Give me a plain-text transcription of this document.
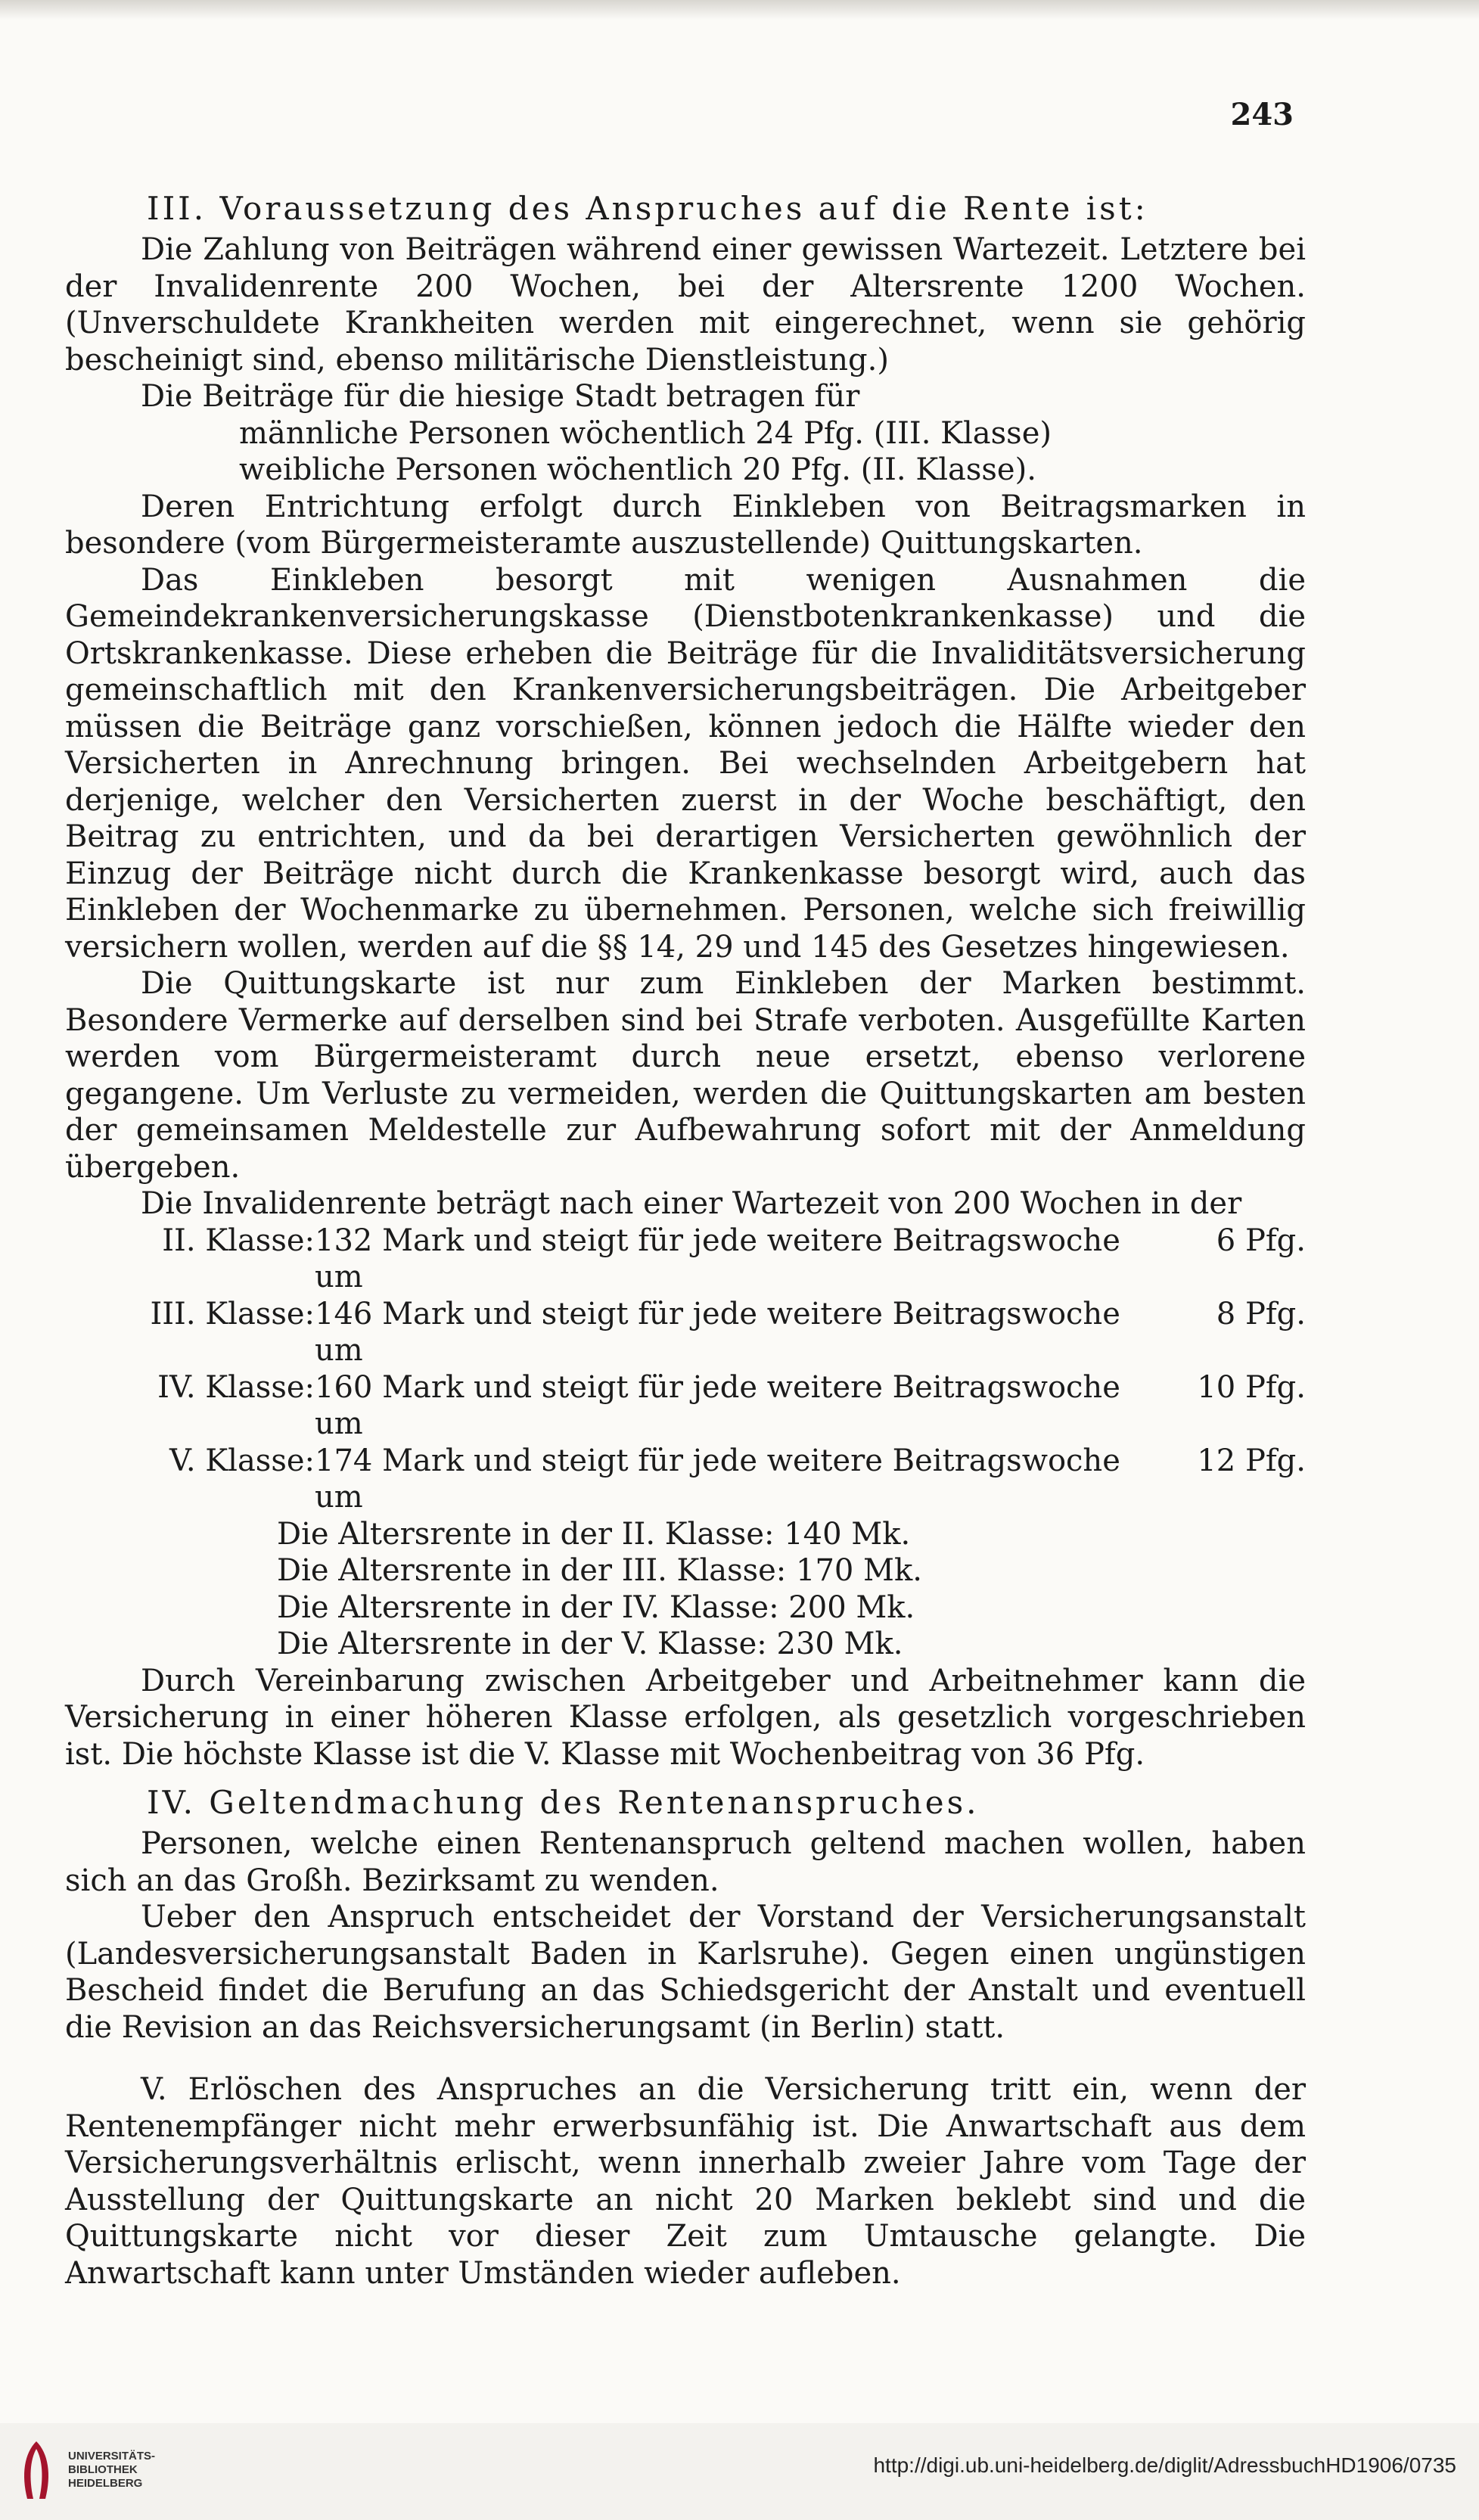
243

III. Voraussetzung des Anspruches auf die Rente ist:

Die Zahlung von Beiträgen während einer gewissen Wartezeit. Letztere bei der Invalidenrente 200 Wochen, bei der Altersrente 1200 Wochen. (Unverschuldete Krankheiten werden mit eingerechnet, wenn sie gehörig bescheinigt sind, ebenso militärische Dienstleistung.)

Die Beiträge für die hiesige Stadt betragen für

männliche Personen wöchentlich 24 Pfg. (III. Klasse)

weibliche Personen wöchentlich 20 Pfg. (II. Klasse).

Deren Entrichtung erfolgt durch Einkleben von Beitragsmarken in besondere (vom Bürgermeisteramte auszustellende) Quittungskarten.

Das Einkleben besorgt mit wenigen Ausnahmen die Gemeindekrankenversicherungskasse (Dienstbotenkrankenkasse) und die Ortskrankenkasse. Diese erheben die Beiträge für die Invaliditätsversicherung gemeinschaftlich mit den Krankenversicherungsbeiträgen. Die Arbeitgeber müssen die Beiträge ganz vorschießen, können jedoch die Hälfte wieder den Versicherten in Anrechnung bringen. Bei wechselnden Arbeitgebern hat derjenige, welcher den Versicherten zuerst in der Woche beschäftigt, den Beitrag zu entrichten, und da bei derartigen Versicherten gewöhnlich der Einzug der Beiträge nicht durch die Krankenkasse besorgt wird, auch das Einkleben der Wochenmarke zu übernehmen. Personen, welche sich freiwillig versichern wollen, werden auf die §§ 14, 29 und 145 des Gesetzes hingewiesen.

Die Quittungskarte ist nur zum Einkleben der Marken bestimmt. Besondere Vermerke auf derselben sind bei Strafe verboten. Ausgefüllte Karten werden vom Bürgermeisteramt durch neue ersetzt, ebenso verlorene gegangene. Um Verluste zu vermeiden, werden die Quittungskarten am besten der gemeinsamen Meldestelle zur Aufbewahrung sofort mit der Anmeldung übergeben.

Die Invalidenrente beträgt nach einer Wartezeit von 200 Wochen in der

II. Klasse: 132 Mark und steigt für jede weitere Beitragswoche um
6 Pfg.
III. Klasse: 146 Mark und steigt für jede weitere Beitragswoche um
8 Pfg.
IV. Klasse: 160 Mark und steigt für jede weitere Beitragswoche um
10 Pfg.
V. Klasse: 174 Mark und steigt für jede weitere Beitragswoche um
12 Pfg.
Die Altersrente in der II. Klasse: 140 Mk.
Die Altersrente in der III. Klasse: 170 Mk.
Die Altersrente in der IV. Klasse: 200 Mk.
Die Altersrente in der V. Klasse: 230 Mk.

Durch Vereinbarung zwischen Arbeitgeber und Arbeitnehmer kann die Versicherung in einer höheren Klasse erfolgen, als gesetzlich vorgeschrieben ist. Die höchste Klasse ist die V. Klasse mit Wochenbeitrag von 36 Pfg.

IV. Geltendmachung des Rentenanspruches.

Personen, welche einen Rentenanspruch geltend machen wollen, haben sich an das Großh. Bezirksamt zu wenden.

Ueber den Anspruch entscheidet der Vorstand der Versicherungsanstalt (Landesversicherungsanstalt Baden in Karlsruhe). Gegen einen ungünstigen Bescheid findet die Berufung an das Schiedsgericht der Anstalt und eventuell die Revision an das Reichsversicherungsamt (in Berlin) statt.

V. Erlöschen des Anspruches an die Versicherung tritt ein, wenn der Rentenempfänger nicht mehr erwerbsunfähig ist. Die Anwartschaft aus dem Versicherungsverhältnis erlischt, wenn innerhalb zweier Jahre vom Tage der Ausstellung der Quittungskarte an nicht 20 Marken beklebt sind und die Quittungskarte nicht vor dieser Zeit zum Umtausche gelangte. Die Anwartschaft kann unter Umständen wieder aufleben.

UNIVERSITÄTS-
BIBLIOTHEK
HEIDELBERG
http://digi.ub.uni-heidelberg.de/diglit/AdressbuchHD1906/0735
